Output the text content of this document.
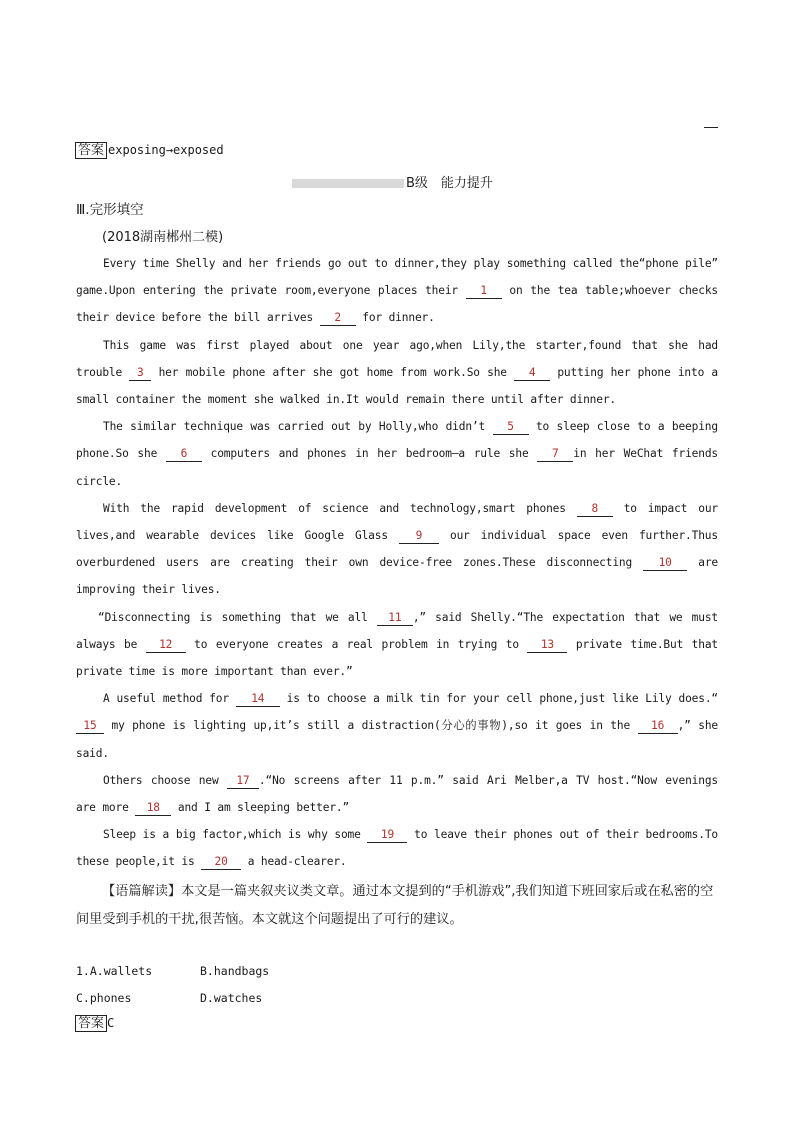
答案 exposing→exposed
B级　能力提升
Ⅲ.完形填空
(2018湖南郴州二模)

Every time Shelly and her friends go out to dinner,they play something called the“phone pile” game.Upon entering the private room,everyone places their 1 on the tea table;whoever checks their device before the bill arrives 2 for dinner.

This game was first played about one year ago,when Lily,the starter,found that she had trouble 3 her mobile phone after she got home from work.So she 4 putting her phone into a small container the moment she walked in.It would remain there until after dinner.

The similar technique was carried out by Holly,who didn’t 5 to sleep close to a beeping phone.So she 6 computers and phones in her bedroom—a rule she 7 in her WeChat friends circle.

With the rapid development of science and technology,smart phones 8 to impact our lives,and wearable devices like Google Glass 9 our individual space even further.Thus overburdened users are creating their own device-free zones.These disconnecting 10 are improving their lives.

“Disconnecting is something that we all 11 ,” said Shelly.“The expectation that we must always be 12 to everyone creates a real problem in trying to 13 private time.But that private time is more important than ever.”

A useful method for 14 is to choose a milk tin for your cell phone,just like Lily does.“15 my phone is lighting up,it’s still a distraction(分心的事物),so it goes in the 16 ,” she said.

Others choose new 17 .“No screens after 11 p.m.” said Ari Melber,a TV host.“Now evenings are more 18 and I am sleeping better.”

Sleep is a big factor,which is why some 19 to leave their phones out of their bedrooms.To these people,it is 20 a head-clearer.

【语篇解读】本文是一篇夹叙夹议类文章。通过本文提到的“手机游戏”,我们知道下班回家后或在私密的空间里受到手机的干扰,很苦恼。本文就这个问题提出了可行的建议。
1.A.wallets	B.handbags
C.phones	D.watches
答案 C
